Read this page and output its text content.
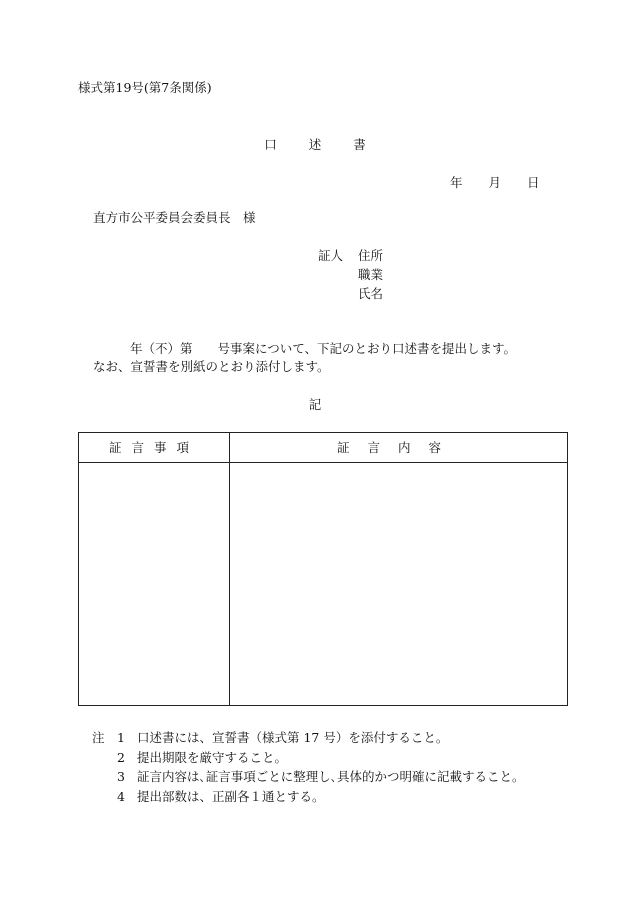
様式第19号(第7条関係)
口	述	書
年 月 日
直方市公平委員会委員長　様
証人 住所
職業
氏名
年（不）第　　号事案について、下記のとおり口述書を提出します。
なお、宣誓書を別紙のとおり添付します。
記
証言事項	証言内容
注 1 口述書には、宣誓書（様式第 17 号）を添付すること。
2 提出期限を厳守すること。
3 証言内容は､証言事項ごとに整理し､具体的かつ明確に記載すること。
4 提出部数は、正副各１通とする。
